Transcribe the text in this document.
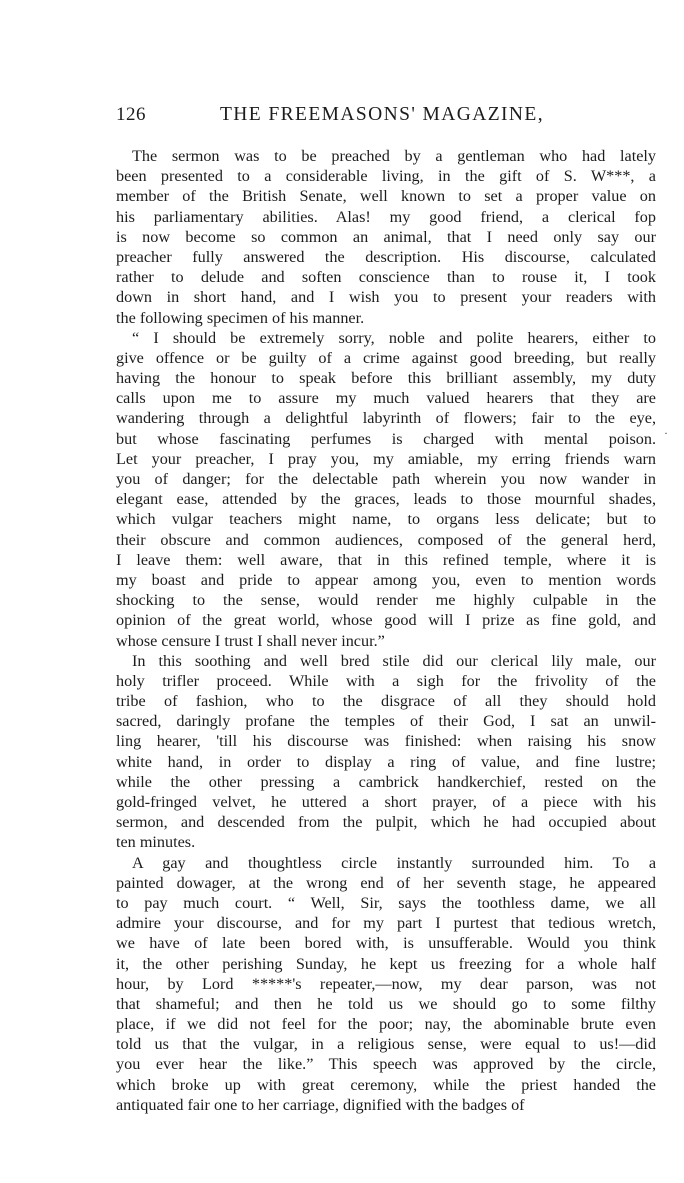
126	THE FREEMASONS' MAGAZINE,
The sermon was to be preached by a gentleman who had lately
been presented to a considerable living, in the gift of S. W***, a
member of the British Senate, well known to set a proper value on
his parliamentary abilities. Alas! my good friend, a clerical fop
is now become so common an animal, that I need only say our
preacher fully answered the description. His discourse, calculated
rather to delude and soften conscience than to rouse it, I took
down in short hand, and I wish you to present your readers with
the following specimen of his manner.
“ I should be extremely sorry, noble and polite hearers, either to
give offence or be guilty of a crime against good breeding, but really
having the honour to speak before this brilliant assembly, my duty
calls upon me to assure my much valued hearers that they are
wandering through a delightful labyrinth of flowers; fair to the eye,
but whose fascinating perfumes is charged with mental poison.
Let your preacher, I pray you, my amiable, my erring friends warn
you of danger; for the delectable path wherein you now wander in
elegant ease, attended by the graces, leads to those mournful shades,
which vulgar teachers might name, to organs less delicate; but to
their obscure and common audiences, composed of the general herd,
I leave them: well aware, that in this refined temple, where it is
my boast and pride to appear among you, even to mention words
shocking to the sense, would render me highly culpable in the
opinion of the great world, whose good will I prize as fine gold, and
whose censure I trust I shall never incur.”
In this soothing and well bred stile did our clerical lily male, our
holy trifler proceed. While with a sigh for the frivolity of the
tribe of fashion, who to the disgrace of all they should hold
sacred, daringly profane the temples of their God, I sat an unwil-
ling hearer, 'till his discourse was finished: when raising his snow
white hand, in order to display a ring of value, and fine lustre;
while the other pressing a cambrick handkerchief, rested on the
gold-fringed velvet, he uttered a short prayer, of a piece with his
sermon, and descended from the pulpit, which he had occupied about
ten minutes.
A gay and thoughtless circle instantly surrounded him. To a
painted dowager, at the wrong end of her seventh stage, he appeared
to pay much court. “ Well, Sir, says the toothless dame, we all
admire your discourse, and for my part I purtest that tedious wretch,
we have of late been bored with, is unsufferable. Would you think
it, the other perishing Sunday, he kept us freezing for a whole half
hour, by Lord *****'s repeater,—now, my dear parson, was not
that shameful; and then he told us we should go to some filthy
place, if we did not feel for the poor; nay, the abominable brute even
told us that the vulgar, in a religious sense, were equal to us!—did
you ever hear the like.” This speech was approved by the circle,
which broke up with great ceremony, while the priest handed the
antiquated fair one to her carriage, dignified with the badges of
·
